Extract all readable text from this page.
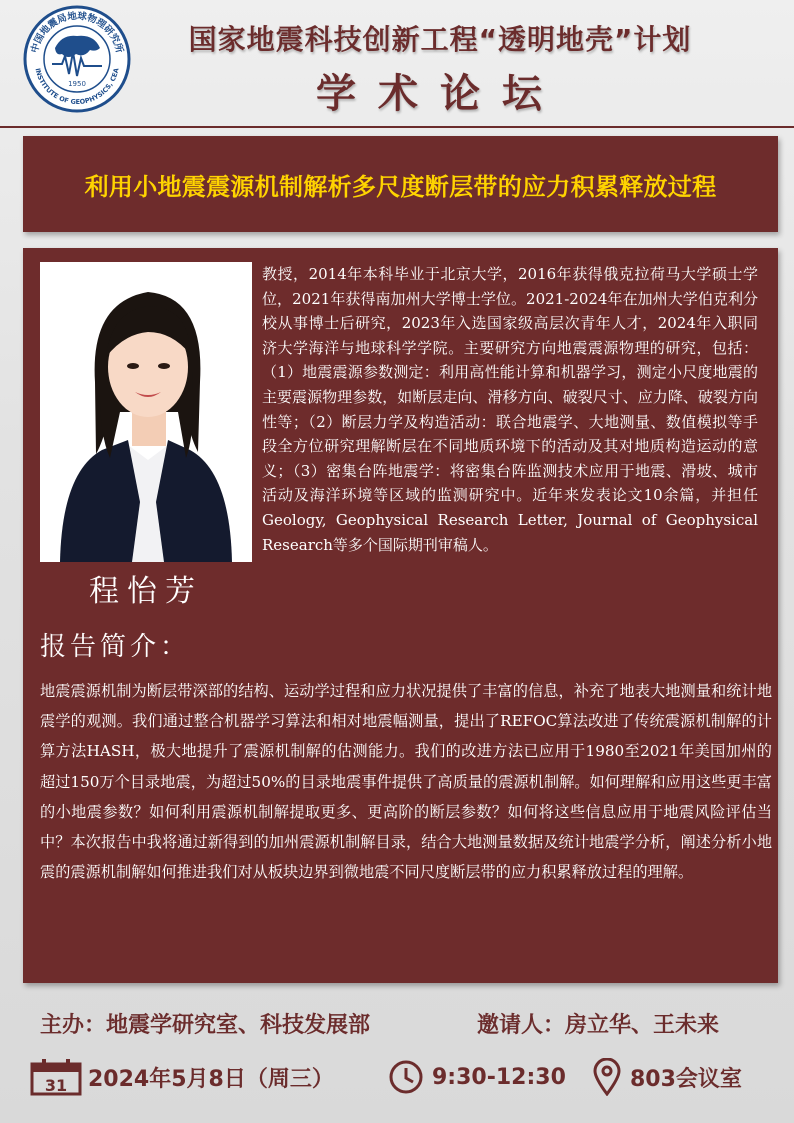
中国地震局地球物理研究所
INSTITUTE OF GEOPHYSICS, CEA
1950
国家地震科技创新工程“透明地壳”计划
学术论坛
利用小地震震源机制解析多尺度断层带的应力积累释放过程
程怡芳
教授，2014年本科毕业于北京大学，2016年获得俄克拉荷马大学硕士学位，2021年获得南加州大学博士学位。2021-2024年在加州大学伯克利分校从事博士后研究，2023年入选国家级高层次青年人才，2024年入职同济大学海洋与地球科学学院。主要研究方向地震震源物理的研究，包括：（1）地震震源参数测定：利用高性能计算和机器学习，测定小尺度地震的主要震源物理参数，如断层走向、滑移方向、破裂尺寸、应力降、破裂方向性等；（2）断层力学及构造活动：联合地震学、大地测量、数值模拟等手段全方位研究理解断层在不同地质环境下的活动及其对地质构造运动的意义；（3）密集台阵地震学：将密集台阵监测技术应用于地震、滑坡、城市活动及海洋环境等区域的监测研究中。近年来发表论文10余篇，并担任Geology, Geophysical Research Letter, Journal of Geophysical Research等多个国际期刊审稿人。
报告简介：
地震震源机制为断层带深部的结构、运动学过程和应力状况提供了丰富的信息，补充了地表大地测量和统计地震学的观测。我们通过整合机器学习算法和相对地震幅测量，提出了REFOC算法改进了传统震源机制解的计算方法HASH，极大地提升了震源机制解的估测能力。我们的改进方法已应用于1980至2021年美国加州的超过150万个目录地震，为超过50%的目录地震事件提供了高质量的震源机制解。如何理解和应用这些更丰富的小地震参数？如何利用震源机制解提取更多、更高阶的断层参数？如何将这些信息应用于地震风险评估当中？本次报告中我将通过新得到的加州震源机制解目录，结合大地测量数据及统计地震学分析，阐述分析小地震的震源机制解如何推进我们对从板块边界到微地震不同尺度断层带的应力积累释放过程的理解。
主办：地震学研究室、科技发展部	邀请人：房立华、王未来
31 2024年5月8日（周三）	9:30-12:30	803会议室
